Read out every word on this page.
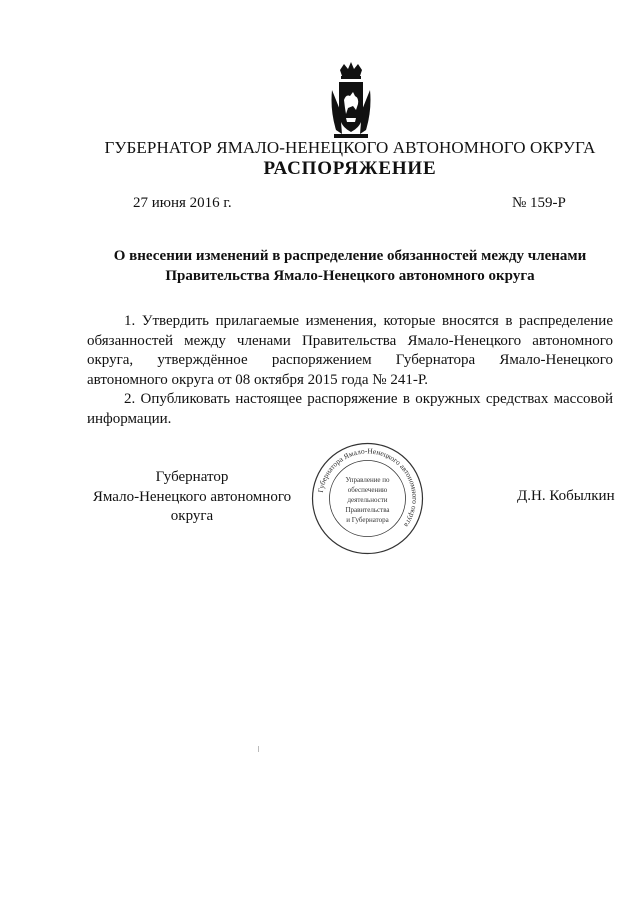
ГУБЕРНАТОР ЯМАЛО-НЕНЕЦКОГО АВТОНОМНОГО ОКРУГА
РАСПОРЯЖЕНИЕ
27 июня 2016 г.	№ 159-Р
О внесении изменений в распределение обязанностей между членами
Правительства Ямало-Ненецкого автономного округа

1. Утвердить прилагаемые изменения, которые вносятся в распределение обязанностей между членами Правительства Ямало-Ненецкого автономного округа, утверждённое распоряжением Губернатора Ямало-Ненецкого автономного округа от 08 октября 2015 года № 241-Р.

2. Опубликовать настоящее распоряжение в окружных средствах массовой информации.

Губернатор
Ямало-Ненецкого автономного округа
Д.Н. Кобылкин
Губернатора Ямало-Ненецкого автономного округа
Управление по
обеспечению
деятельности
Правительства
и Губернатора
